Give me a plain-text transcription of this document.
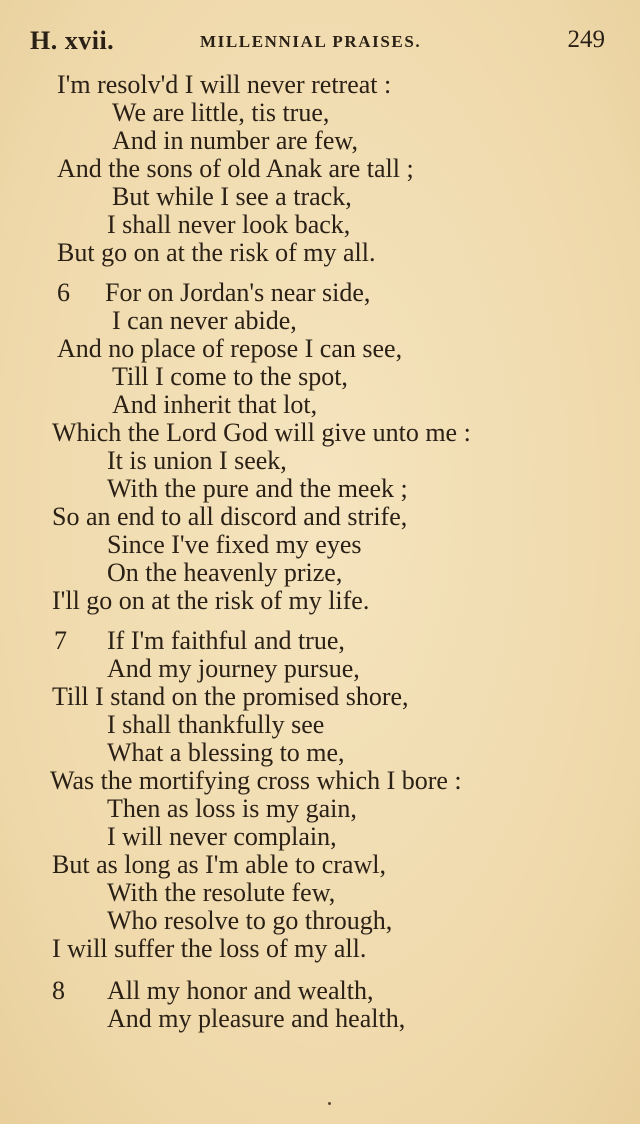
H. xvii.	MILLENNIAL PRAISES.	249
I'm resolv'd I will never retreat :
We are little, tis true,
And in number are few,
And the sons of old Anak are tall ;
But while I see a track,
I shall never look back,
But go on at the risk of my all.
6 For on Jordan's near side,
I can never abide,
And no place of repose I can see,
Till I come to the spot,
And inherit that lot,
Which the Lord God will give unto me :
It is union I seek,
With the pure and the meek ;
So an end to all discord and strife,
Since I've fixed my eyes
On the heavenly prize,
I'll go on at the risk of my life.
7 If I'm faithful and true,
And my journey pursue,
Till I stand on the promised shore,
I shall thankfully see
What a blessing to me,
Was the mortifying cross which I bore :
Then as loss is my gain,
I will never complain,
But as long as I'm able to crawl,
With the resolute few,
Who resolve to go through,
I will suffer the loss of my all.
8 All my honor and wealth,
And my pleasure and health,
